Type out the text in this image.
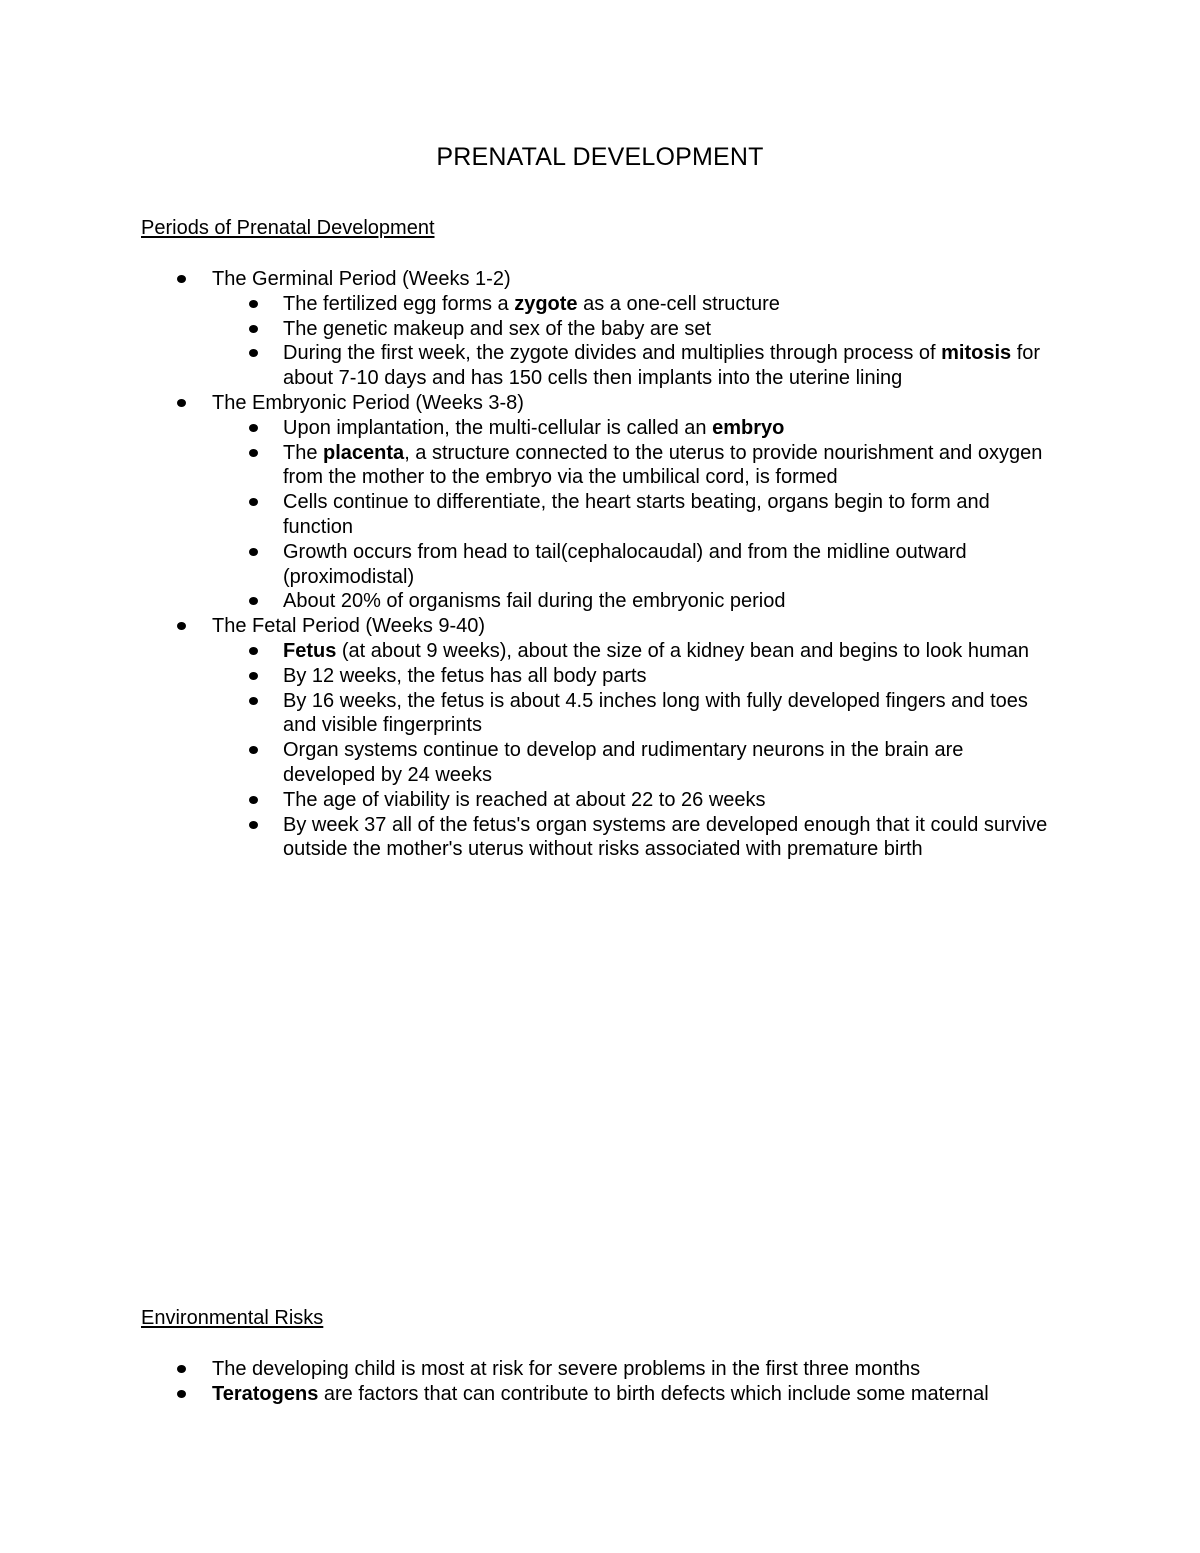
PRENATAL DEVELOPMENT
Periods of Prenatal Development
The Germinal Period (Weeks 1-2)
The fertilized egg forms a zygote as a one-cell structure
The genetic makeup and sex of the baby are set
During the first week, the zygote divides and multiplies through process of mitosis for about 7-10 days and has 150 cells then implants into the uterine lining
The Embryonic Period (Weeks 3-8)
Upon implantation, the multi-cellular is called an embryo
The placenta, a structure connected to the uterus to provide nourishment and oxygen from the mother to the embryo via the umbilical cord, is formed
Cells continue to differentiate, the heart starts beating, organs begin to form and function
Growth occurs from head to tail(cephalocaudal) and from the midline outward (proximodistal)
About 20% of organisms fail during the embryonic period
The Fetal Period (Weeks 9-40)
Fetus (at about 9 weeks), about the size of a kidney bean and begins to look human
By 12 weeks, the fetus has all body parts
By 16 weeks, the fetus is about 4.5 inches long with fully developed fingers and toes and visible fingerprints
Organ systems continue to develop and rudimentary neurons in the brain are developed by 24 weeks
The age of viability is reached at about 22 to 26 weeks
By week 37 all of the fetus's organ systems are developed enough that it could survive outside the mother's uterus without risks associated with premature birth
Environmental Risks
The developing child is most at risk for severe problems in the first three months
Teratogens are factors that can contribute to birth defects which include some maternal
